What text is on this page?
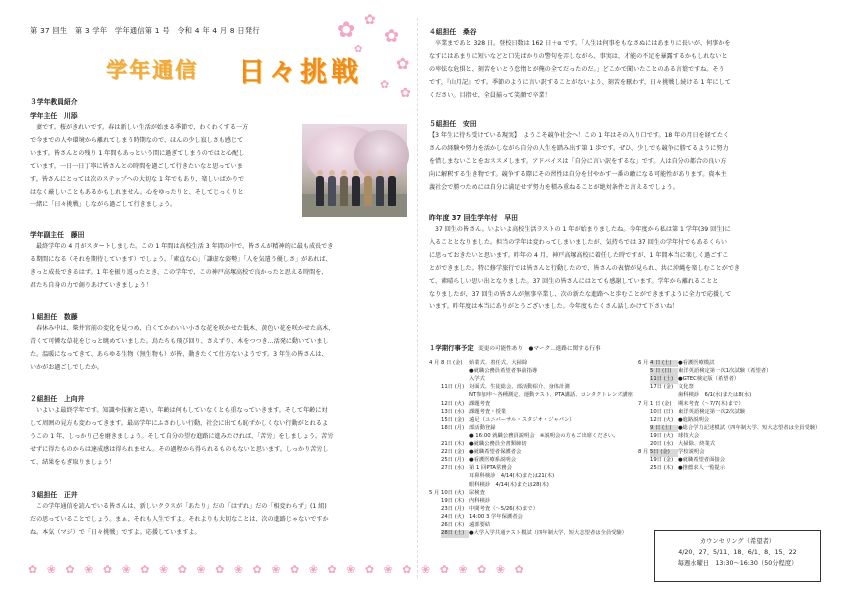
第 37 回生　第 3 学年　学年通信第 1 号　令和 4 年 4 月 8 日発行
学年通信 日々挑戦
✿ ✿
✿
✿
✿
✿
✿
３学年教員紹介
学年主任　川添
妻です。桜がきれいです。春は新しい生活が始まる季節で、わくわくする一方
で今までの人や環境から離れてしまう時期なので、ほんの少し寂しさも感じて
います。皆さんとの残り 1 年間もあっという間に過ぎてしまうのではと心配し
ています。一日一日丁寧に皆さんとの時間を過ごして行きたいなと思っていま
す。皆さんにとっては次のステップへの大切な 1 年でもあり、楽しいばかりで
はなく厳しいこともあるかもしれません。心をゆったりと、そしてじっくりと
一緒に「日々挑戦」しながら過ごして行きましょう。
学年副主任　藤田
最終学年の 4 月がスタートしました。この 1 年間は高校生活 3 年間の中で、皆さんが精神的に最も成長でき
る期間になる（それを期待しています）でしょう。「素直な心」「謙虚な姿勢」「人を気遣う優しさ」があれば、
きっと成長できるはず。1 年を振り返ったとき、この学年で、この神戸高塚高校で良かったと思える時間を、
君たち自身の力で創りあげていきましょう！
１組担任　数藤
春休み中は、柴井宮前の変化を見つめ、白くてかわいい小さな花を咲かせた低木、黄色い花を咲かせた高木、
青くて可憐な草花をじっと眺めていました。鳥たちも飛び回り、さえずり、木をつつき…活発に動いていまし
た。温暖になってきて、あらゆる生物（無生物も）が皆、動きたくて仕方ないようです。3 年生の皆さんは、
いかがお過ごしでしたか。
２組担任　上向井
いよいよ最終学年です。知識や技術と違い、年齢は何もしていなくとも重なっていきます。そして年齢に対
して周囲の見方も変わってきます。最高学年にふさわしい行動、社会に出ても恥ずかしくない行動がとれるよ
うこの 1 年、しっかり己を磨きましょう。そして自分の望む進路に進みたければ、「苦労」をしましょう。苦労
せずに得たものからは達成感は得られません。その過程から得られるものもないと思います。しっかり苦労し
て、結果をもぎ取りましょう！
３組担任　正井
この学年通信を読んでいる皆さんは、新しいクラスが「あたり」だの「はずれ」だの「相変わらず」(1 組)
だの思っていることでしょう。まぁ、それも人生ですよ。それよりも大切なことは、次の進路じゃないですか
ね。本気（マジ）で「日々挑戦」ですよ。応援していますよ。
✿ ❀ ✿ ❀ ✿ ❀ ✿ ❀ ✿ ❀ ✿ ❀ ✿ ❀ ✿ ❀ ✿ ❀ ✿ ❀ ✿ ❀ ✿ ❀ ✿ ❀ ✿
４組担任　桑谷
卒業まであと 328 日。登校日数は 162 日＋α です。「人生は何事をもなさぬにはあまりに長いが、何事かを
なすにはあまりに短いなどと口先ばかりの警句を弄しながら、事実は、才能の不足を暴露するかもしれないと
の卑怯な危惧と、刻苦をいとう怠惰とが俺の全てだったのだ。」どこかで聞いたことのある言葉ですね。そう
です、『山月記』です。季節のように言い訳することがないよう、刻苦を厭わず、日々挑戦し続ける 1 年にして
ください。目指せ、全員揃って笑顔で卒業！
５組担任　安田
【3 年生に待ち受けている現実】　ようこそ競争社会へ！この 1 年はその入り口です。18 年の月日を経てたく
さんの経験や努力を活かしながら自分の人生を踏み出す第 1 歩です。ぜひ、少しでも競争に勝てるように努力
を惜しまないことをおススメします。アドバイスは「自分に言い訳をするな」です。人は自分の都合の良い方
向に解釈する生き物です。競争する際にその習性は自分を甘やかす一番の敵になる可能性があります。資本主
義社会で勝つためには自分に満足せず努力を積み重ねることが絶対条件と言えるでしょう。
昨年度 37 回生学年付　早田
37 回生の皆さん。いよいよ高校生活ラストの 1 年が始まりましたね。今年度から私は第 1 学年(39 回生)に
入ることとなりました。担当の学年は変わってしまいましたが、気持ちでは 37 回生の学年付でもあるくらい
に思っておきたいと思います。昨年の 4 月、神戸高塚高校に着任した時ですが、1 年間本当に楽しく過ごすこ
とができました。特に修学旅行では皆さんと行動したので、皆さんの表情が見られ、共に沖縄を楽しむことができ
て、素晴らしい思い出となりました。37 回生の皆さんにはとても感謝しています。学年から離れることと
なりましたが、37 回生の皆さんが無事卒業し、次の新たな進路へと歩むことができますように全力で応援して
います。昨年度は本当にありがとうございました。今年度もたくさん話しかけて下さいね！
１学期行事予定 変更の可能性あり　●マーク…進路に関する行事
4 月 8 日 (金) 始業式、着任式、大掃除
●就職公務員希望者事前指導
入学式
11日 (月) 対面式、生徒総会、部活動紹介、身体計測
NT参加申～各種測定、運動テスト、PTA講話、コンタクトレンズ講座
12日 (火) 課題考査
13日 (水) 課題考査・授業
15日 (金) 遠足（ユニバーサル・スタジオ・ジャパン）
18日 (月) 部活動登録
● 16:00 就職公務員説明会　※説明会の方もご出席ください。
21日 (木) ●就職公務員全書類締切
22日 (金) ●就職希望者保護者会
25日 (月) ●看護医療系説明会
27日 (水) 第 1 回PTA常務会
耳鼻科検診　4/14(木)または21(木)
眼科検診　4/14(木)または28(木)
5 月 10日 (火) 尿検査
19日 (木) 内科検診
23日 (月) 中間考査（～5/26(木)まで）
24日 (火) 14:00 3 学年保護者会
26日 (木) 遠部要結
28日 (土) ●大学入学共通テスト模試（四年制大学、短大志望者は全員受験）
6 月 4 日 (土) ●看護医療模試
5 日 (日) 東洋英語検定第一次1次試験（希望者）
11日 (土) ●GTEC検定版（希望者）
17日 (金) 文化祭
歯科検診　6/1(水)または8(水)
7 月 1 日 (金) 期末考査（～7/7(木)まで）
10日 (日) 東洋英語検定第一次2次試験
12日 (火) ●進路説明会
9 日 (土) ●総合学力記述模試（四年制大学、短大志望者は全員受験）
19日 (火) 球技大会
20日 (水) 大掃除、終業式
8 月 5日 (金) 学校説明会
19日 (金) ●就職希望者面接会
25日 (木) ●推薦求人一覧提示
カウンセリング（希望者）
4/20、27、5/11、18、6/1、8、15、22
毎週水曜日　13:30～16:30（50分程度）
